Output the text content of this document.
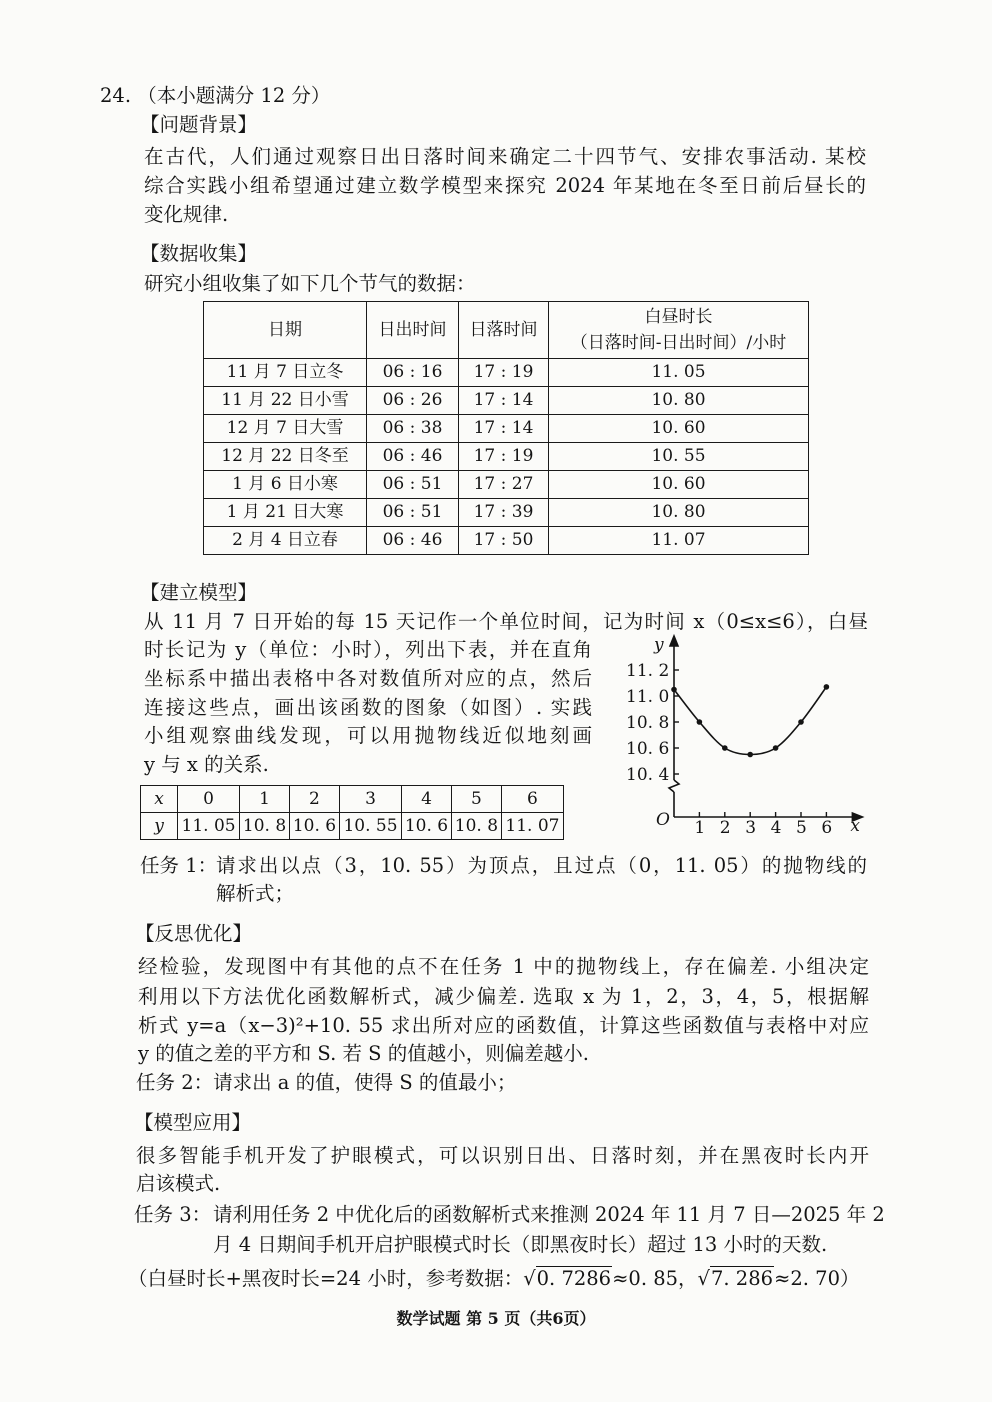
24. （本小题满分 12 分）
【问题背景】
在古代，人们通过观察日出日落时间来确定二十四节气、安排农事活动. 某校
综合实践小组希望通过建立数学模型来探究 2024 年某地在冬至日前后昼长的
变化规律.
【数据收集】
研究小组收集了如下几个节气的数据：
日期	日出时间	日落时间	白昼时长
（日落时间-日出时间）/小时

11 月 7 日立冬	06 : 16	17 : 19	11. 05
11 月 22 日小雪	06 : 26	17 : 14	10. 80
12 月 7 日大雪	06 : 38	17 : 14	10. 60
12 月 22 日冬至	06 : 46	17 : 19	10. 55
1 月 6 日小寒	06 : 51	17 : 27	10. 60
1 月 21 日大寒	06 : 51	17 : 39	10. 80
2 月 4 日立春	06 : 46	17 : 50	11. 07
【建立模型】
从 11 月 7 日开始的每 15 天记作一个单位时间，记为时间 x（0≤x≤6），白昼
时长记为 y（单位：小时），列出下表，并在直角
坐标系中描出表格中各对数值所对应的点，然后
连接这些点，画出该函数的图象（如图）. 实践
小组观察曲线发现，可以用抛物线近似地刻画
y 与 x 的关系.
x	0	1	2	3	4	5	6
y	11. 05	10. 8	10. 6	10. 55	10. 6	10. 8	11. 07
y
x
O 1 2 3 4 5 6
11. 2
11. 0
10. 8
10. 6
10. 4
任务 1：
请求出以点（3，10. 55）为顶点，且过点（0，11. 05）的抛物线的
解析式；
【反思优化】
经检验，发现图中有其他的点不在任务 1 中的抛物线上，存在偏差. 小组决定
利用以下方法优化函数解析式，减少偏差. 选取 x 为 1，2，3，4，5，根据解
析式 y=a（x−3)²+10. 55 求出所对应的函数值，计算这些函数值与表格中对应
y 的值之差的平方和 S. 若 S 的值越小，则偏差越小.
任务 2：请求出 a 的值，使得 S 的值最小；
【模型应用】
很多智能手机开发了护眼模式，可以识别日出、日落时刻，并在黑夜时长内开
启该模式.
任务 3： 请利用任务 2 中优化后的函数解析式来推测 2024 年 11 月 7 日—2025 年 2
月 4 日期间手机开启护眼模式时长（即黑夜时长）超过 13 小时的天数.
（白昼时长+黑夜时长=24 小时，参考数据：√0. 7286≈0. 85，√7. 286≈2. 70）
数学试题 第 5 页（共6页）
